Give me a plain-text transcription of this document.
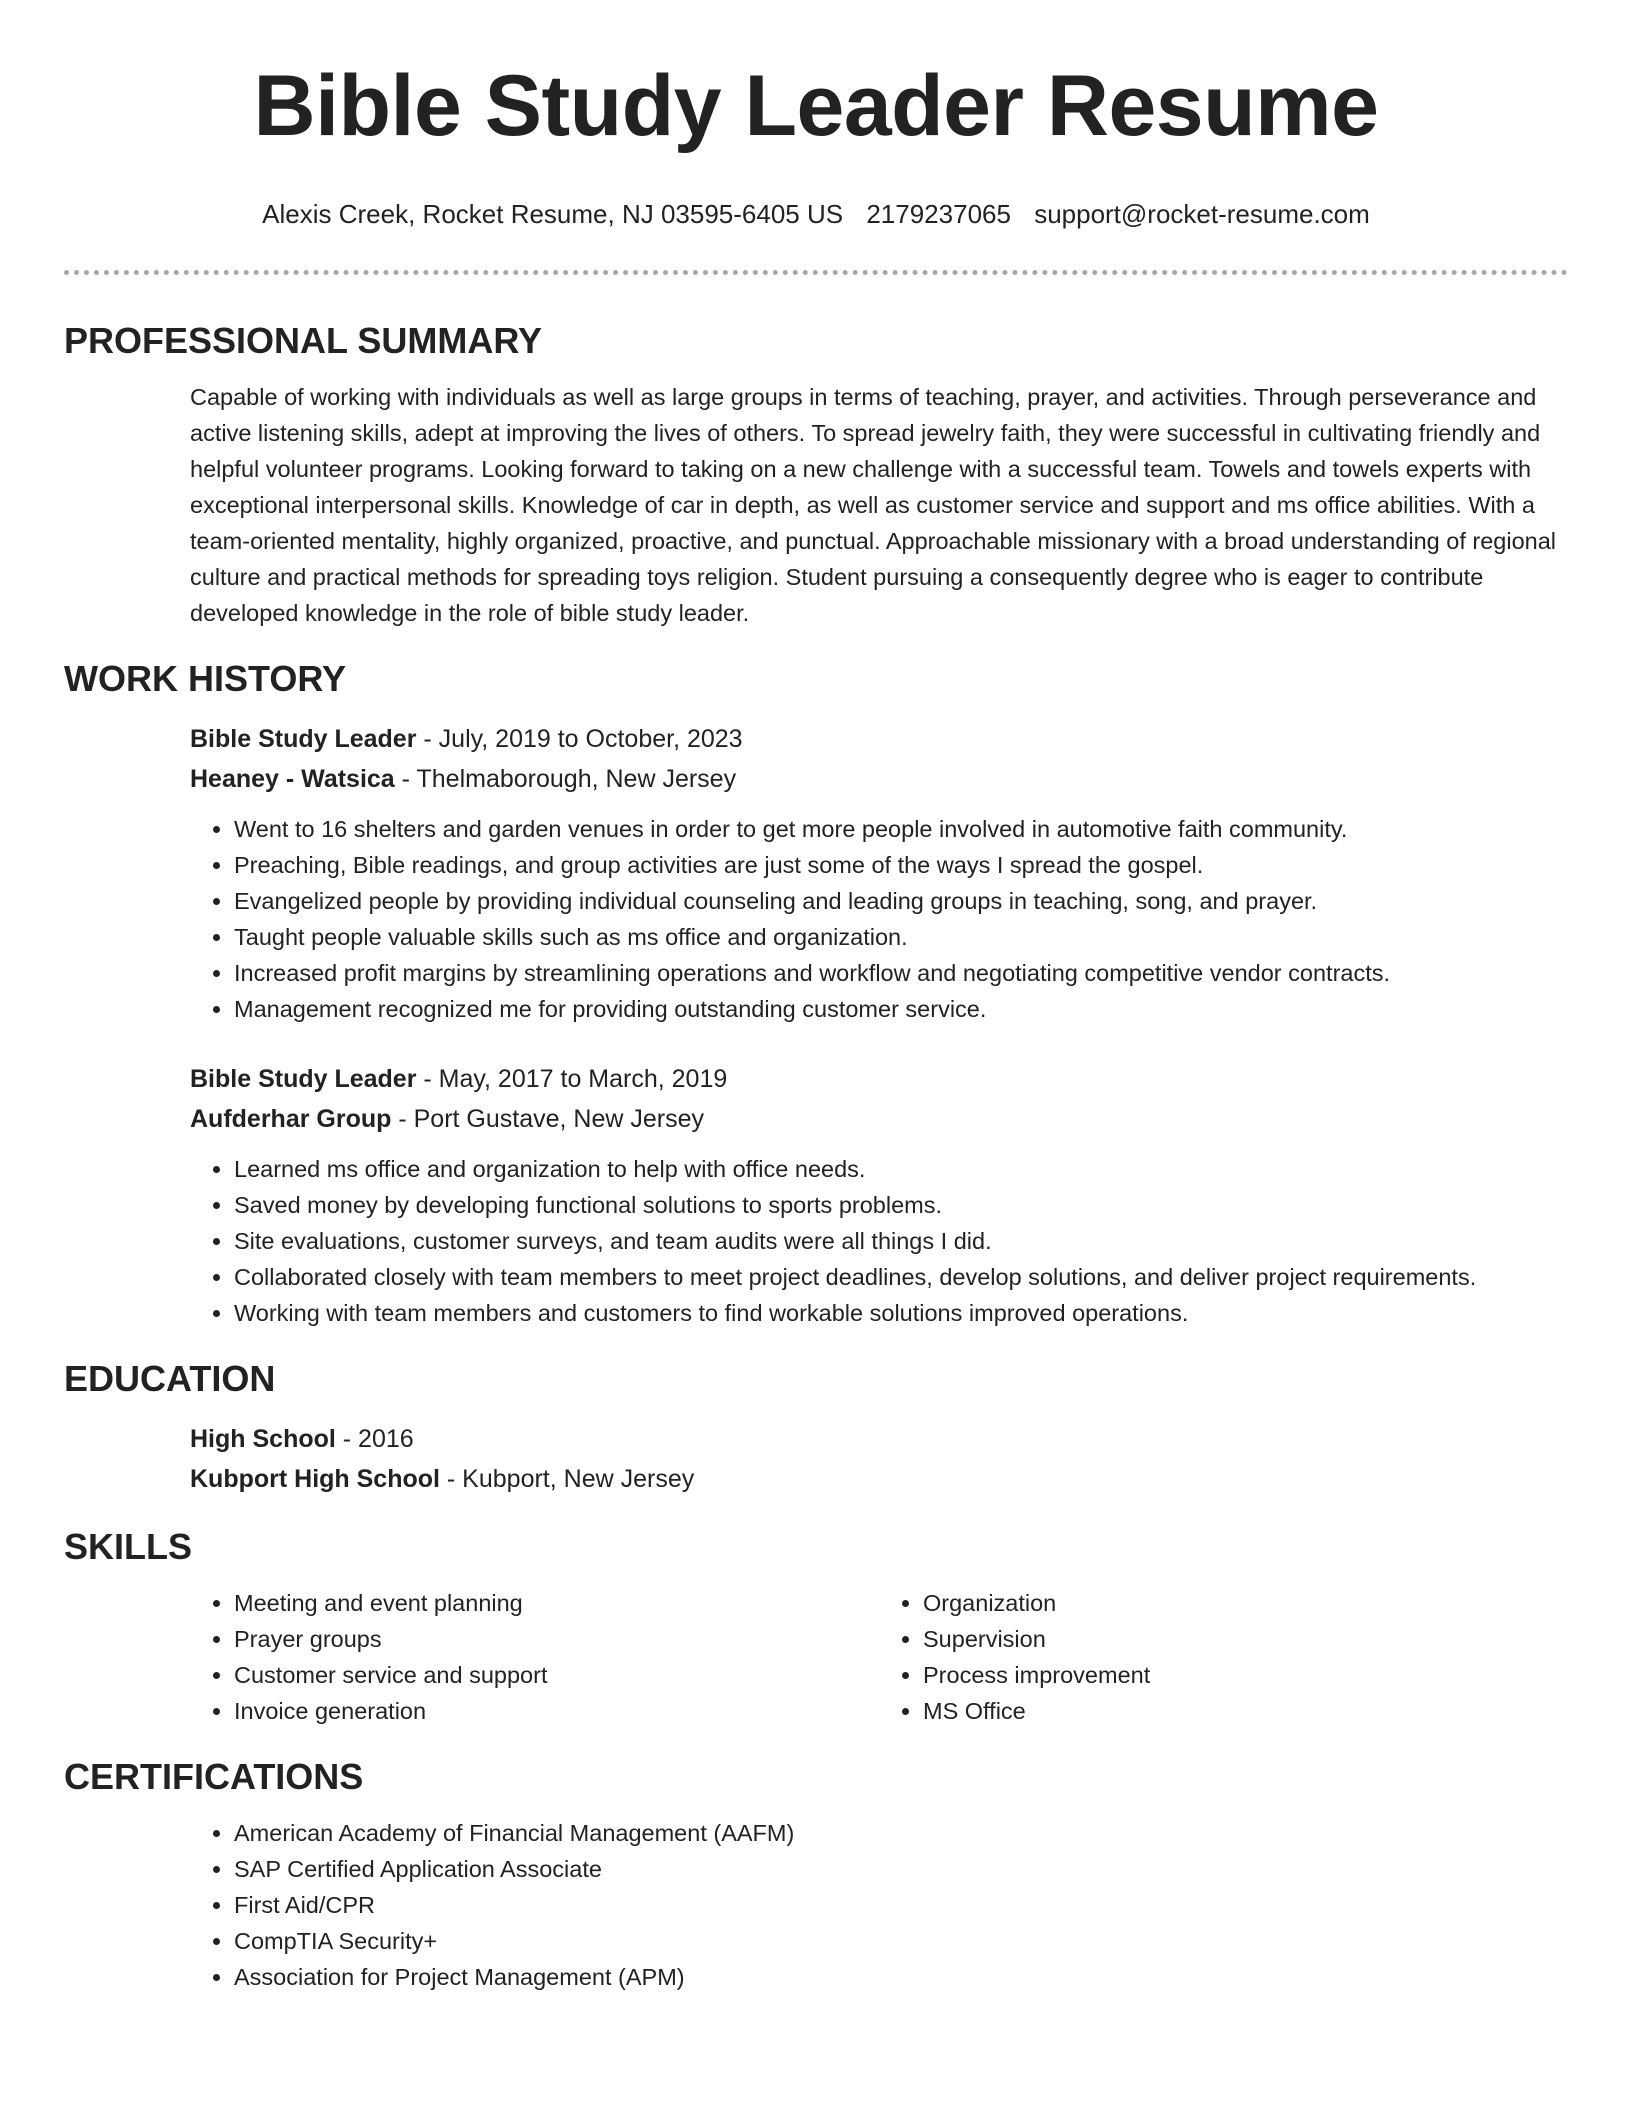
Bible Study Leader Resume
Alexis Creek, Rocket Resume, NJ 03595-6405 US 2179237065 support@rocket-resume.com
PROFESSIONAL SUMMARY

Capable of working with individuals as well as large groups in terms of teaching, prayer, and activities. Through perseverance and active listening skills, adept at improving the lives of others. To spread jewelry faith, they were successful in cultivating friendly and helpful volunteer programs. Looking forward to taking on a new challenge with a successful team. Towels and towels experts with exceptional interpersonal skills. Knowledge of car in depth, as well as customer service and support and ms office abilities. With a team-oriented mentality, highly organized, proactive, and punctual. Approachable missionary with a broad understanding of regional culture and practical methods for spreading toys religion. Student pursuing a consequently degree who is eager to contribute developed knowledge in the role of bible study leader.

WORK HISTORY

Bible Study Leader - July, 2019 to October, 2023

Heaney - Watsica - Thelmaborough, New Jersey

• Went to 16 shelters and garden venues in order to get more people involved in automotive faith community.
• Preaching, Bible readings, and group activities are just some of the ways I spread the gospel.
• Evangelized people by providing individual counseling and leading groups in teaching, song, and prayer.
• Taught people valuable skills such as ms office and organization.
• Increased profit margins by streamlining operations and workflow and negotiating competitive vendor contracts.
• Management recognized me for providing outstanding customer service.

Bible Study Leader - May, 2017 to March, 2019

Aufderhar Group - Port Gustave, New Jersey

• Learned ms office and organization to help with office needs.
• Saved money by developing functional solutions to sports problems.
• Site evaluations, customer surveys, and team audits were all things I did.
• Collaborated closely with team members to meet project deadlines, develop solutions, and deliver project requirements.
• Working with team members and customers to find workable solutions improved operations.
EDUCATION

High School - 2016

Kubport High School - Kubport, New Jersey

SKILLS
• Meeting and event planning
• Prayer groups
• Customer service and support
• Invoice generation
• Organization
• Supervision
• Process improvement
• MS Office
CERTIFICATIONS
• American Academy of Financial Management (AAFM)
• SAP Certified Application Associate
• First Aid/CPR
• CompTIA Security+
• Association for Project Management (APM)
